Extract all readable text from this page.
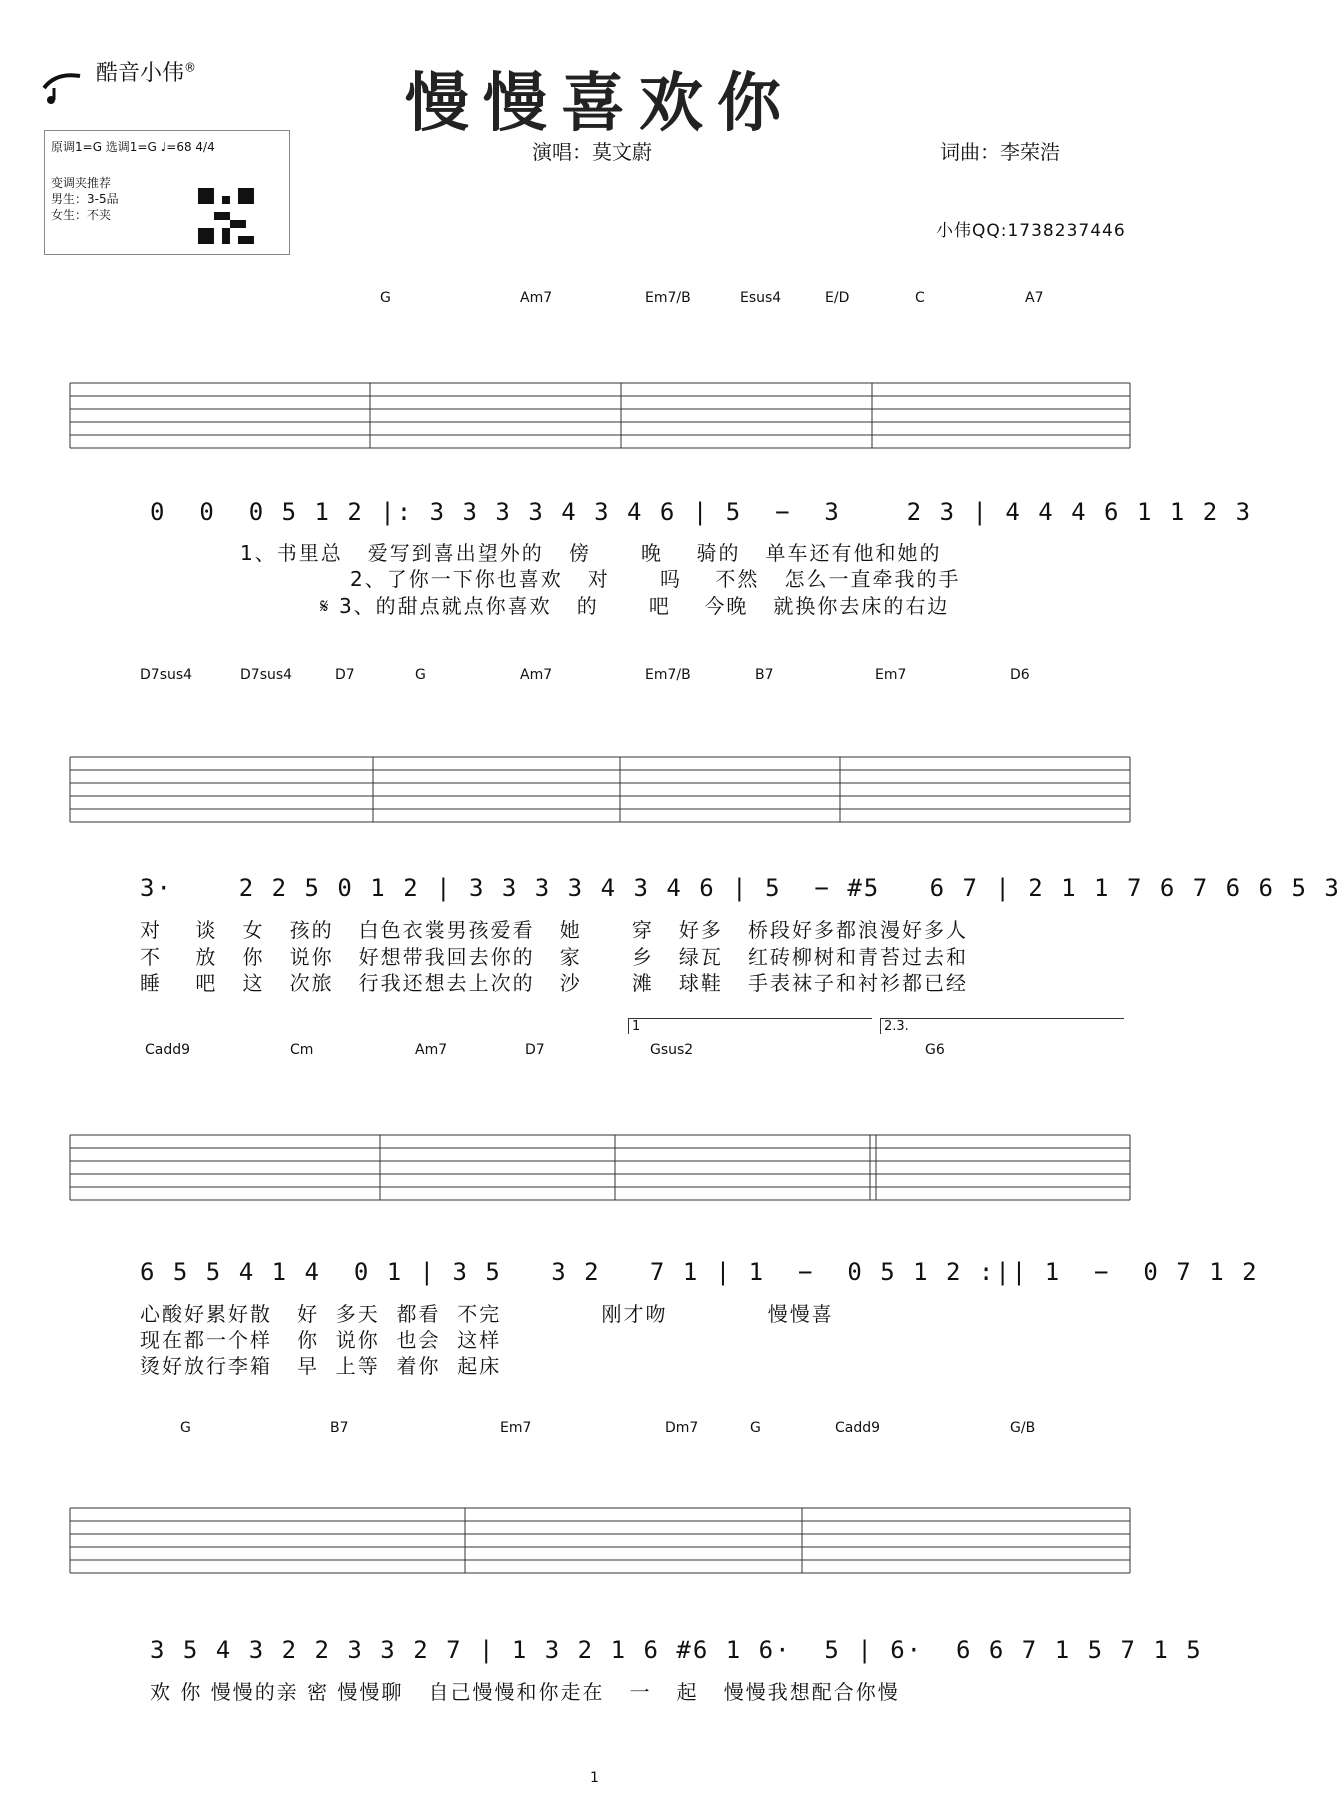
酷音小伟®	慢慢喜欢你
演唱：莫文蔚	词曲：李荣浩
小伟QQ:1738237446
原调1=G 选调1=G ♩=68 4/4
变调夹推荐
男生：3-5品
女生：不夹
G	Am7	Em7/B	Esus4	E/D	C	A7
0  0  0 5 1 2 |: 3 3 3 3 4 3 4 6 | 5  −  3    2 3 | 4 4 4 6 1 1 2 3
1、书里总   爱写到喜出望外的   傍      晚    骑的   单车还有他和她的
2、了你一下你也喜欢   对      吗    不然   怎么一直牵我的手
𝄋 3、的甜点就点你喜欢   的      吧    今晚   就换你去床的右边
D7sus4	D7sus4	D7	G	Am7	Em7/B	B7	Em7	D6
3·    2 2 5 0 1 2 | 3 3 3 3 4 3 4 6 | 5  − #5   6 7 | 2 1 1 7 6 7 6 6 5 3
对    谈   女   孩的   白色衣裳男孩爱看   她      穿   好多   桥段好多都浪漫好多人
不    放   你   说你   好想带我回去你的   家      乡   绿瓦   红砖柳树和青苔过去和
睡    吧   这   次旅   行我还想去上次的   沙      滩   球鞋   手表袜子和衬衫都已经
1	2.3.
Cadd9	Cm	Am7	D7	Gsus2	G6
6 5 5 4 1 4  0 1 | 3 5   3 2   7 1 | 1  −  0 5 1 2 :|| 1  −  0 7 1 2
心酸好累好散   好  多天  都看  不完            刚才吻            慢慢喜
现在都一个样   你  说你  也会  这样
烫好放行李箱   早  上等  着你  起床
G	B7	Em7	Dm7	G	Cadd9	G/B
3 5 4 3 2 2 3 3 2 7 | 1 3 2 1 6 #6 1 6·  5 | 6·  6 6 7 1 5 7 1 5
欢 你 慢慢的亲 密 慢慢聊   自己慢慢和你走在   一   起   慢慢我想配合你慢
1
